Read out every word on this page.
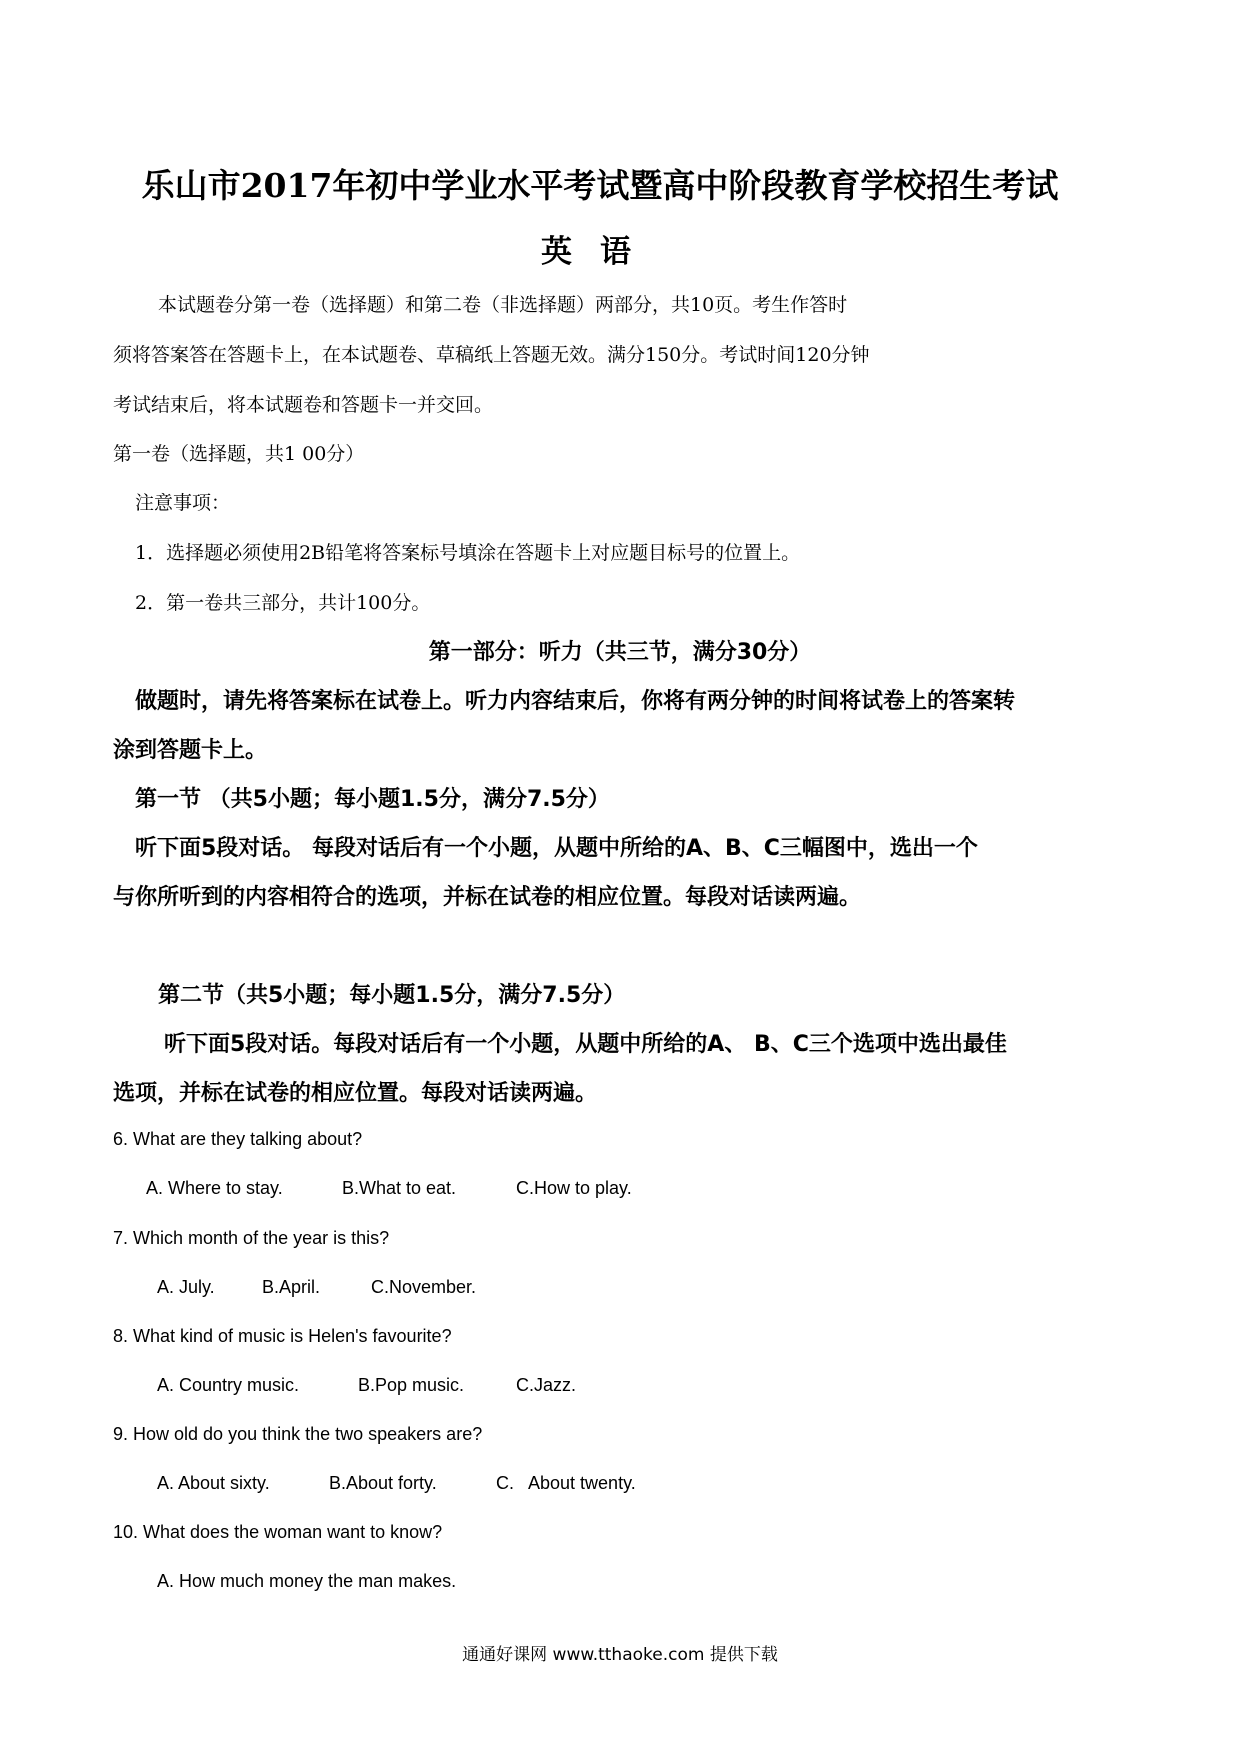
乐山市2017年初中学业水平考试暨高中阶段教育学校招生考试
英语
本试题卷分第一卷（选择题）和第二卷（非选择题）两部分，共10页。考生作答时
须将答案答在答题卡上，在本试题卷、草稿纸上答题无效。满分150分。考试时间120分钟
考试结束后，将本试题卷和答题卡一并交回。
第一卷（选择题，共1 00分）
注意事项：
1．选择题必须使用2B铅笔将答案标号填涂在答题卡上对应题目标号的位置上。
2．第一卷共三部分，共计100分。
第一部分：听力（共三节，满分30分）
做题时，请先将答案标在试卷上。听力内容结束后，你将有两分钟的时间将试卷上的答案转
涂到答题卡上。
第一节 （共5小题；每小题1.5分，满分7.5分）
听下面5段对话。 每段对话后有一个小题，从题中所给的A、B、C三幅图中，选出一个
与你所听到的内容相符合的选项，并标在试卷的相应位置。每段对话读两遍。
第二节（共5小题；每小题1.5分，满分7.5分）
听下面5段对话。每段对话后有一个小题，从题中所给的A、 B、C三个选项中选出最佳
选项，并标在试卷的相应位置。每段对话读两遍。
6. What are they talking about?
A. Where to stay.	B.What to eat.	C.How to play.
7. Which month of the year is this?
A. July.	B.April.	C.November.
8. What kind of music is Helen's favourite?
A. Country music.	B.Pop music.	C.Jazz.
9. How old do you think the two speakers are?
A. About sixty.	B.About forty.	C.   About twenty.
10. What does the woman want to know?
A. How much money the man makes.
通通好课网 www.tthaoke.com 提供下载
